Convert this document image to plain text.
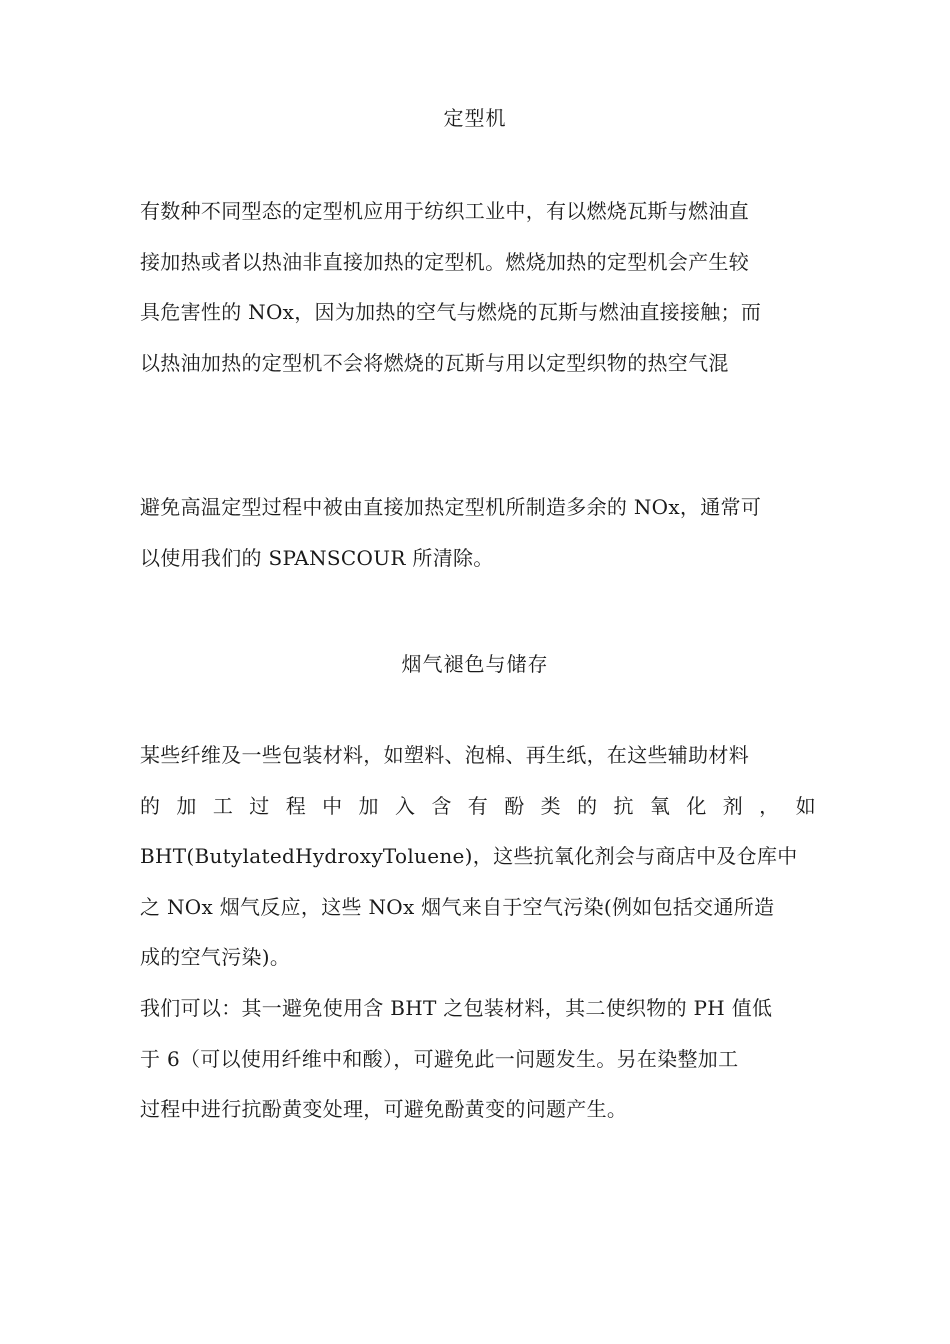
定型机
有数种不同型态的定型机应用于纺织工业中，有以燃烧瓦斯与燃油直
接加热或者以热油非直接加热的定型机。燃烧加热的定型机会产生较
具危害性的 NOx，因为加热的空气与燃烧的瓦斯与燃油直接接触；而
以热油加热的定型机不会将燃烧的瓦斯与用以定型织物的热空气混
避免高温定型过程中被由直接加热定型机所制造多余的 NOx，通常可
以使用我们的 SPANSCOUR 所清除。
烟气褪色与储存
某些纤维及一些包装材料，如塑料、泡棉、再生纸，在这些辅助材料
的 加 工 过 程 中 加 入 含 有 酚 类 的 抗 氧 化 剂 ， 如
BHT(ButylatedHydroxyToluene)，这些抗氧化剂会与商店中及仓库中
之 NOx 烟气反应，这些 NOx 烟气来自于空气污染(例如包括交通所造
成的空气污染)。
我们可以：其一避免使用含 BHT 之包装材料，其二使织物的 PH 值低
于 6（可以使用纤维中和酸），可避免此一问题发生。另在染整加工
过程中进行抗酚黄变处理，可避免酚黄变的问题产生。
